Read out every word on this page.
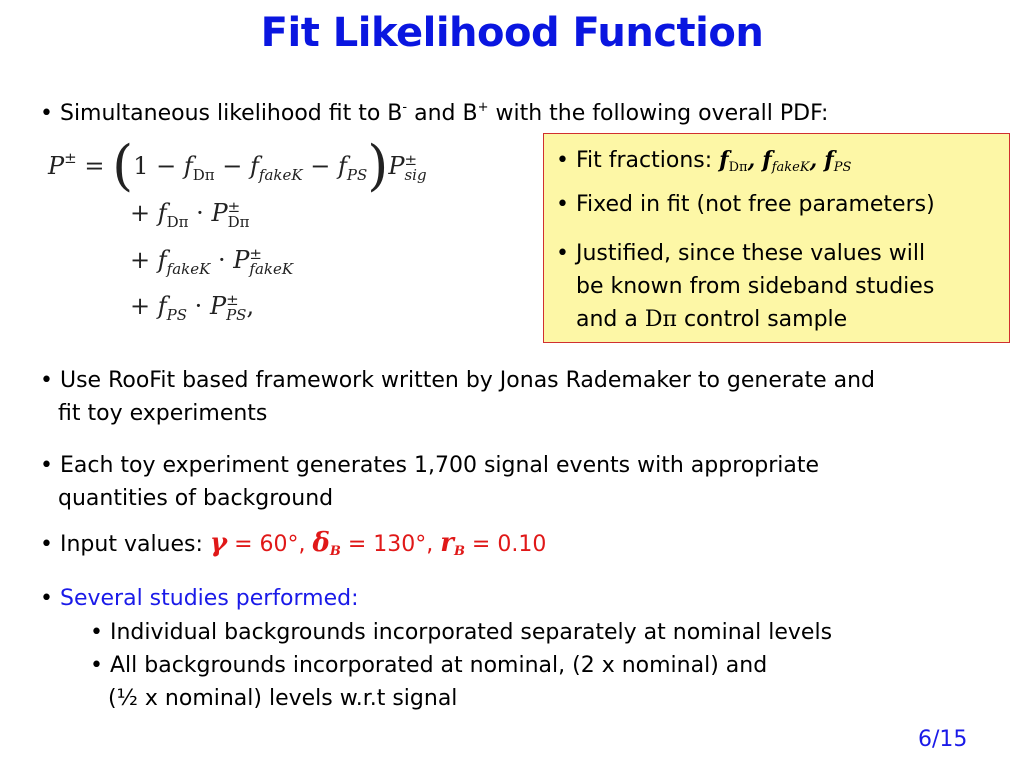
Fit Likelihood Function
• Simultaneous likelihood fit to B- and B+ with the following overall PDF:
$P^\pm = (1 - f_{D\pi} - f_{fakeK} - f_{PS})P\pm$
sig
+ $f_{D\pi} \cdot P\pm$
Dπ
+ $f_{fakeK} \cdot P\pm$
fakeK
+ $f_{PS} \cdot P\pm$
PS,
• Fit fractions: fDπ, ffakeK, fPS
• Fixed in fit (not free parameters)
• Justified, since these values will
be known from sideband studies
and a Dπ control sample
• Use RooFit based framework written by Jonas Rademaker to generate and
fit toy experiments
• Each toy experiment generates 1,700 signal events with appropriate
quantities of background
• Input values: γ = 60°, δB = 130°, rB = 0.10
• Several studies performed:
• Individual backgrounds incorporated separately at nominal levels
• All backgrounds incorporated at nominal, (2 x nominal) and
(½ x nominal) levels w.r.t signal
6/15
